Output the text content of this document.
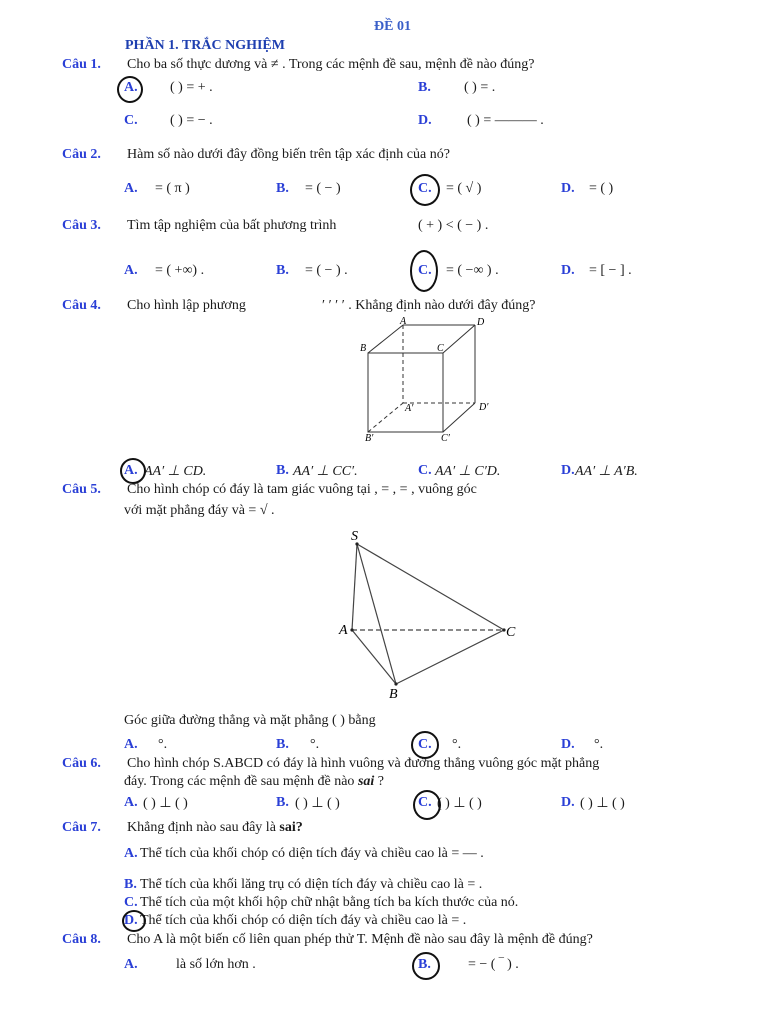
ĐỀ 01
PHẦN 1. TRẮC NGHIỆM
Câu 1. Cho ba số thực dương và ≠ . Trong các mệnh đề sau, mệnh đề nào đúng?
A. ( ) = + .	B. ( ) = .
C. ( ) = − .	D.	( ) = ——— .
Câu 2. Hàm số nào dưới đây đồng biến trên tập xác định của nó?
A. = ( π )	B. = ( − )	C. = ( √ )	D. = ( )
Câu 3. Tìm tập nghiệm của bất phương trình	( + ) < ( − ) .
A. = ( +∞) .	B. = ( − ) .	C. = ( −∞ ) .	D. = [ − ] .
Câu 4. Cho hình lập phương	′ ′ ′ ′ . Khẳng định nào dưới đây đúng?
A	D
B	C
A′	D′
B′	C′
A. AA′ ⊥ CD.	B. AA′ ⊥ CC′.	C. AA′ ⊥ C′D.	D. AA′ ⊥ A′B.
Câu 5. Cho hình chóp có đáy là tam giác vuông tại , = , = , vuông góc
với mặt phẳng đáy và = √ .
S
A	C
B
Góc giữa đường thẳng và mặt phẳng ( ) bằng
A. °.	B. °.	C. °.	D. °.
Câu 6. Cho hình chóp S.ABCD có đáy là hình vuông và đường thẳng vuông góc mặt phẳng
đáy. Trong các mệnh đề sau mệnh đề nào sai ?
A. ( ) ⊥ ( )	B. ( ) ⊥ ( )	C. ( ) ⊥ ( )	D. ( ) ⊥ ( )
Câu 7. Khẳng định nào sau đây là sai?
A. Thể tích của khối chóp có diện tích đáy và chiều cao là = — .
B. Thể tích của khối lăng trụ có diện tích đáy và chiều cao là = .
C. Thể tích của một khối hộp chữ nhật bằng tích ba kích thước của nó.
D. Thể tích của khối chóp có diện tích đáy và chiều cao là = .
Câu 8. Cho A là một biến cố liên quan phép thử T. Mệnh đề nào sau đây là mệnh đề đúng?
A.	là số lớn hơn .	B.	= − ( ‾ ) .
